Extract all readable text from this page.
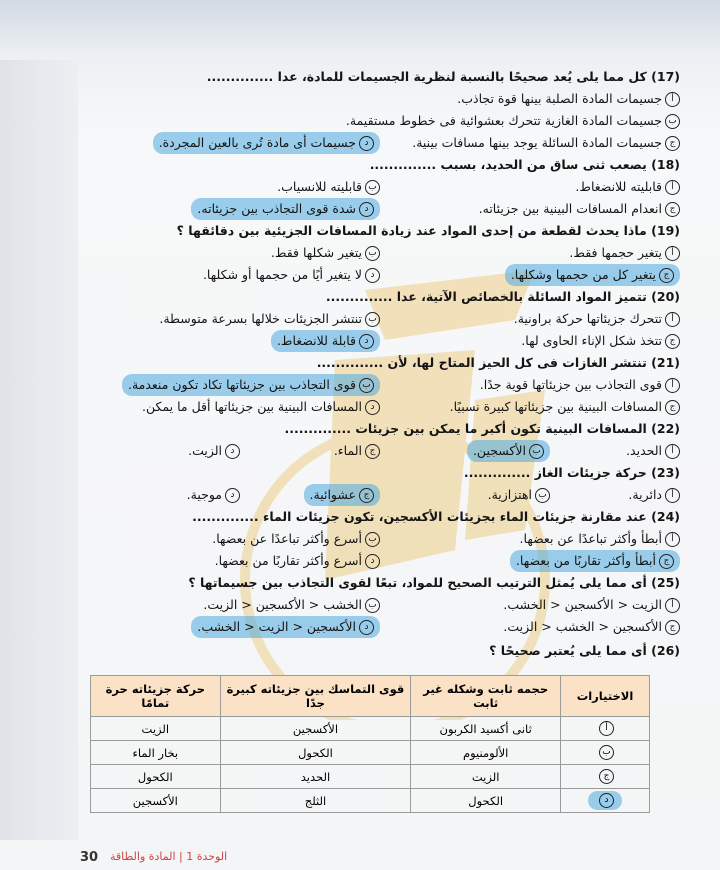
(17) كل مما يلى يُعد صحيحًا بالنسبة لنظرية الجسيمات للمادة، عدا ..............
أجسيمات المادة الصلبة بينها قوة تجاذب.
بجسيمات المادة الغازية تتحرك بعشوائية فى خطوط مستقيمة.
ججسيمات المادة السائلة يوجد بينها مسافات بينية.
دجسيمات أى مادة تُرى بالعين المجردة.
(18) يصعب ثنى ساق من الحديد، بسبب ..............
أقابليته للانضغاط.
بقابليته للانسياب.
جانعدام المسافات البينية بين جزيئاته.
دشدة قوى التجاذب بين جزيئاته.
(19) ماذا يحدث لقطعة من إحدى المواد عند زيادة المسافات الجزيئية بين دقائقها ؟
أيتغير حجمها فقط.
بيتغير شكلها فقط.
جيتغير كل من حجمها وشكلها.
دلا يتغير أيًا من حجمها أو شكلها.
(20) تتميز المواد السائلة بالخصائص الآتية، عدا ..............
أتتحرك جزيئاتها حركة براونية.
بتنتشر الجزيئات خلالها بسرعة متوسطة.
جتتخذ شكل الإناء الحاوى لها.
دقابلة للانضغاط.
(21) تنتشر الغازات فى كل الحيز المتاح لها، لأن ..............
أقوى التجاذب بين جزيئاتها قوية جدًا.
بقوى التجاذب بين جزيئاتها تكاد تكون منعدمة.
جالمسافات البينية بين جزيئاتها كبيرة نسبيًا.
دالمسافات البينية بين جزيئاتها أقل ما يمكن.
(22) المسافات البينية تكون أكبر ما يمكن بين جزيئات ..............
أالحديد.
بالأكسجين.
جالماء.
دالزيت.
(23) حركة جزيئات الغاز ..............
أدائرية.
باهتزازية.
جعشوائية.
دموجية.
(24) عند مقارنة جزيئات الماء بجزيئات الأكسجين، تكون جزيئات الماء ..............
أأبطأ وأكثر تباعدًا عن بعضها.
بأسرع وأكثر تباعدًا عن بعضها.
جأبطأ وأكثر تقاربًا من بعضها.
دأسرع وأكثر تقاربًا من بعضها.
(25) أى مما يلى يُمثل الترتيب الصحيح للمواد، تبعًا لقوى التجاذب بين جسيماتها ؟
أالزيت < الأكسجين < الخشب.
بالخشب < الأكسجين < الزيت.
جالأكسجين < الخشب < الزيت.
دالأكسجين < الزيت < الخشب.
(26) أى مما يلى يُعتبر صحيحًا ؟
الاختيارات	حجمه ثابت وشكله غير ثابت	قوى التماسك بين جزيئاته كبيرة جدًا	حركة جزيئاته حرة تمامًا
أ	ثانى أكسيد الكربون	الأكسجين	الزيت
ب	الألومنيوم	الكحول	بخار الماء
ج	الزيت	الحديد	الكحول
د	الكحول	الثلج	الأكسجين
30 الوحدة 1 | المادة والطاقة
